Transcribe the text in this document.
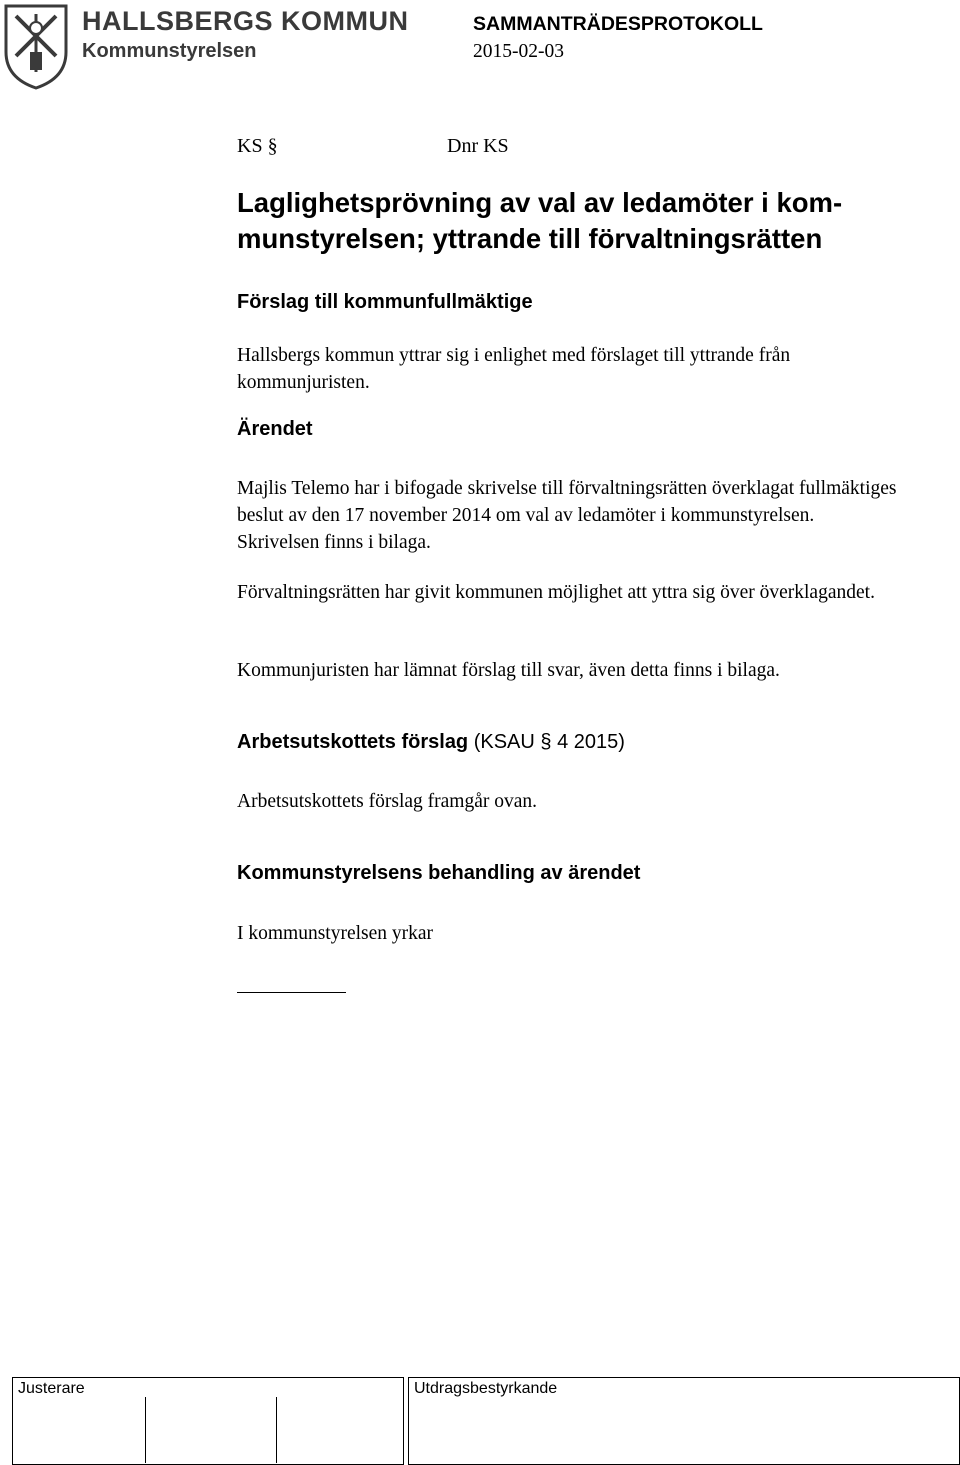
HALLSBERGS KOMMUN
Kommunstyrelsen
SAMMANTRÄDESPROTOKOLL
2015-02-03
KS §	Dnr KS
Laglighetsprövning av val av ledamöter i kom-munstyrelsen; yttrande till förvaltningsrätten
Förslag till kommunfullmäktige
Hallsbergs kommun yttrar sig i enlighet med förslaget till yttrande från kommunjuristen.
Ärendet
Majlis Telemo har i bifogade skrivelse till förvaltningsrätten överklagat fullmäktiges beslut av den 17 november 2014 om val av ledamöter i kommunstyrelsen. Skrivelsen finns i bilaga.
Förvaltningsrätten har givit kommunen möjlighet att yttra sig över överklagandet.
Kommunjuristen har lämnat förslag till svar, även detta finns i bilaga.
Arbetsutskottets förslag (KSAU § 4 2015)
Arbetsutskottets förslag framgår ovan.
Kommunstyrelsens behandling av ärendet
I kommunstyrelsen yrkar
Justerare	Utdragsbestyrkande
